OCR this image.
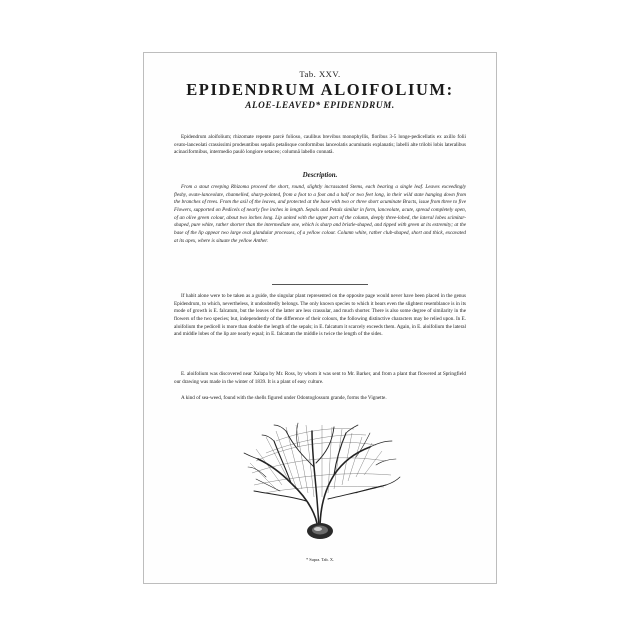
Tab. XXV.
EPIDENDRUM ALOIFOLIUM:
ALOE-LEAVED* EPIDENDRUM.
Epidendrum aloifolium; rhizomate repente parcè folioso, caulibus brevibus monophyllis, floribus 3-5 longe-pedicellatis ex axillo folii ovato-lanceolati crassissimi prodeuntibus sepalis petalisque conformibus lanceolatis acuminatis explanatis; labelli alte trilobi lobis lateralibus acinaciformibus, intermedio paulò longiore setaceo; columnâ labello connatâ.
Description.
From a stout creeping Rhizoma proceed the short, round, slightly incrassated Stems, each bearing a single leaf. Leaves exceedingly fleshy, ovate-lanceolate, channelled, sharp-pointed, from a foot to a foot and a half or two feet long, in their wild state hanging down from the branches of trees. From the axil of the leaves, and protected at the base with two or three short acuminate Bracts, issue from three to five Flowers, supported on Pedicels of nearly five inches in length. Sepals and Petals similar in form, lanceolate, acute, spread completely open, of an olive green colour, about two inches long. Lip united with the upper part of the column, deeply three-lobed, the lateral lobes scimitar-shaped, pure white, rather shorter than the intermediate one, which is sharp and bristle-shaped, and tipped with green at its extremity; at the base of the lip appear two large oval glandular processes, of a yellow colour. Column white, rather club-shaped, short and thick, excavated at its apex, where is situate the yellow Anther.
If habit alone were to be taken as a guide, the singular plant represented on the opposite page would never have been placed in the genus Epidendrum, to which, nevertheless, it undoubtedly belongs. The only known species to which it bears even the slightest resemblance is in its mode of growth is E. falcatum, but the leaves of the latter are less crassular, and much shorter. There is also some degree of similarity in the flowers of the two species; but, independently of the difference of their colours, the following distinctive characters may be relied upon. In E. aloifolium the pedicell is more than double the length of the sepals; in E. falcatum it scarcely exceeds them. Again, in E. aloifolium the lateral and middle lobes of the lip are nearly equal; in E. falcatum the middle is twice the length of the sides.
E. aloifolium was discovered near Xalapa by Mr. Ross, by whom it was sent to Mr. Barker, and from a plant that flowered at Springfield our drawing was made in the winter of 1839. It is a plant of easy culture.
A kind of sea-weed, found with the shells figured under Odontoglossum grande, forms the Vignette.
* Supra. Tab. X.
